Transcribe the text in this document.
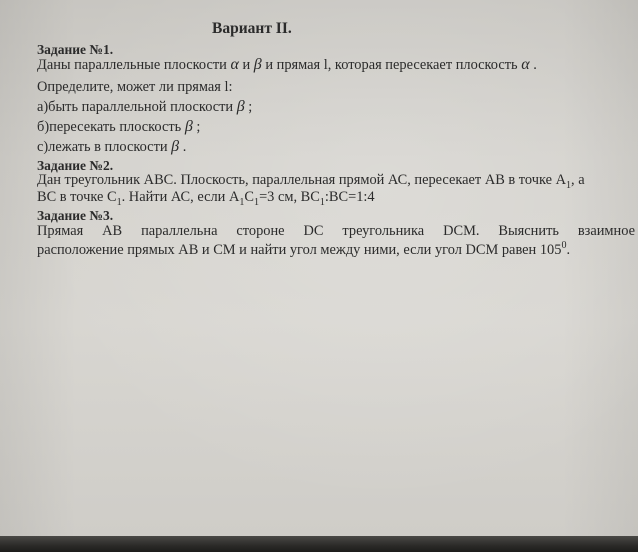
Вариант II.
Задание №1.
Даны параллельные плоскости α и β и прямая l, которая пересекает плоскость α .
Определите, может ли прямая l:
а)быть параллельной плоскости β ;
б)пересекать плоскость β ;
с)лежать в плоскости β .
Задание №2.
Дан треугольник АВС. Плоскость, параллельная прямой АС, пересекает АВ в точке $А_1$, а
ВС в точке $С_1$. Найти АС, если $А_1С_1=3$ см, $ВС_1:ВС=1:4$
Задание №3.
Прямая АВ параллельна стороне DC треугольника DCM. Выяснить взаимное
расположение прямых АВ и СМ и найти угол между ними, если угол DCM равен $105^0$.
